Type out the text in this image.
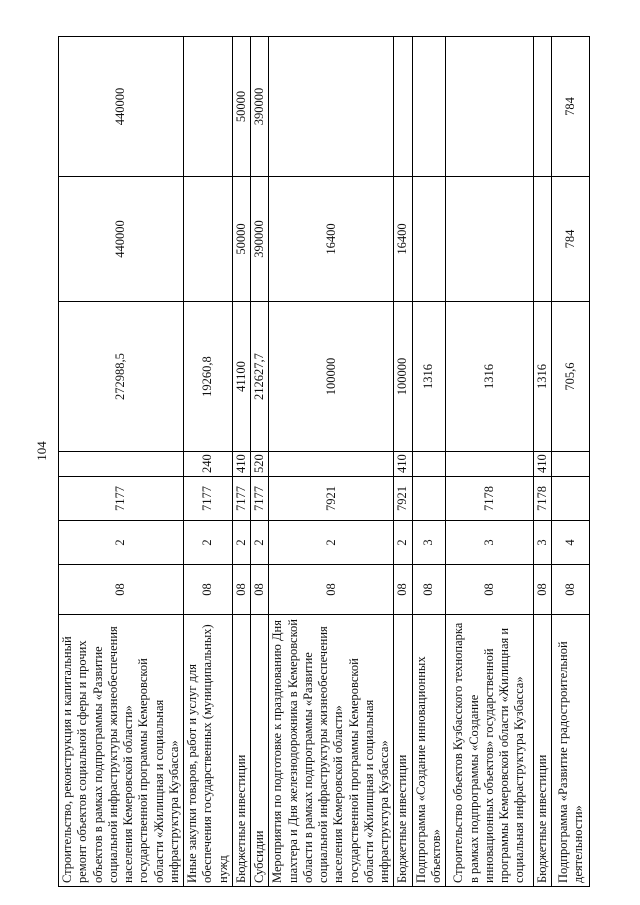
104
Строительство, реконструкция и капитальный ремонт объектов социальной сферы и прочих объектов в рамках подпрограммы «Развитие социальной инфраструктуры жизнеобеспечения населения Кемеровской области» государственной программы Кемеровской области «Жилищная и социальная инфраструктура Кузбасса»	08	2	7177		272988,5	440000	440000
Иные закупки товаров, работ и услуг для обеспечения государственных (муниципальных) нужд	08	2	7177	240	19260,8		
Бюджетные инвестиции	08	2	7177	410	41100	50000	50000
Субсидии	08	2	7177	520	212627,7	390000	390000
Мероприятия по подготовке к празднованию Дня шахтера и Дня железнодорожника в Кемеровской области в рамках подпрограммы «Развитие социальной инфраструктуры жизнеобеспечения населения Кемеровской области» государственной программы Кемеровской области «Жилищная и социальная инфраструктура Кузбасса»	08	2	7921		100000	16400	
Бюджетные инвестиции	08	2	7921	410	100000	16400	
Подпрограмма «Создание инновационных объектов»	08	3			1316		
Строительство объектов Кузбасского технопарка в рамках подпрограммы «Создание инновационных объектов» государственной программы Кемеровской области «Жилищная и социальная инфраструктура Кузбасса»	08	3	7178		1316		
Бюджетные инвестиции	08	3	7178	410	1316		
Подпрограмма «Развитие градостроительной деятельности»	08	4			705,6	784	784
